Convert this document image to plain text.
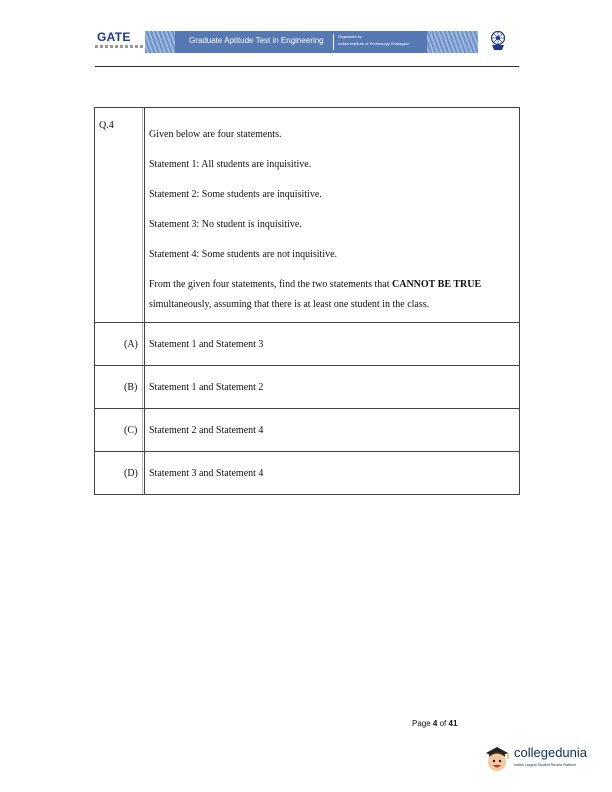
GATE	Graduate Aptitude Test in Engineering	Organised by
Indian Institute of Technology Kharagpur
Q.4

Given below are four statements.

Statement 1: All students are inquisitive.

Statement 2: Some students are inquisitive.

Statement 3: No student is inquisitive.

Statement 4: Some students are not inquisitive.

From the given four statements, find the two statements that CANNOT BE TRUE simultaneously, assuming that there is at least one student in the class.

(A) Statement 1 and Statement 3
(B) Statement 1 and Statement 2
(C) Statement 2 and Statement 4
(D) Statement 3 and Statement 4
Page 4 of 41
collegedunia
India's Largest Student Review Platform
